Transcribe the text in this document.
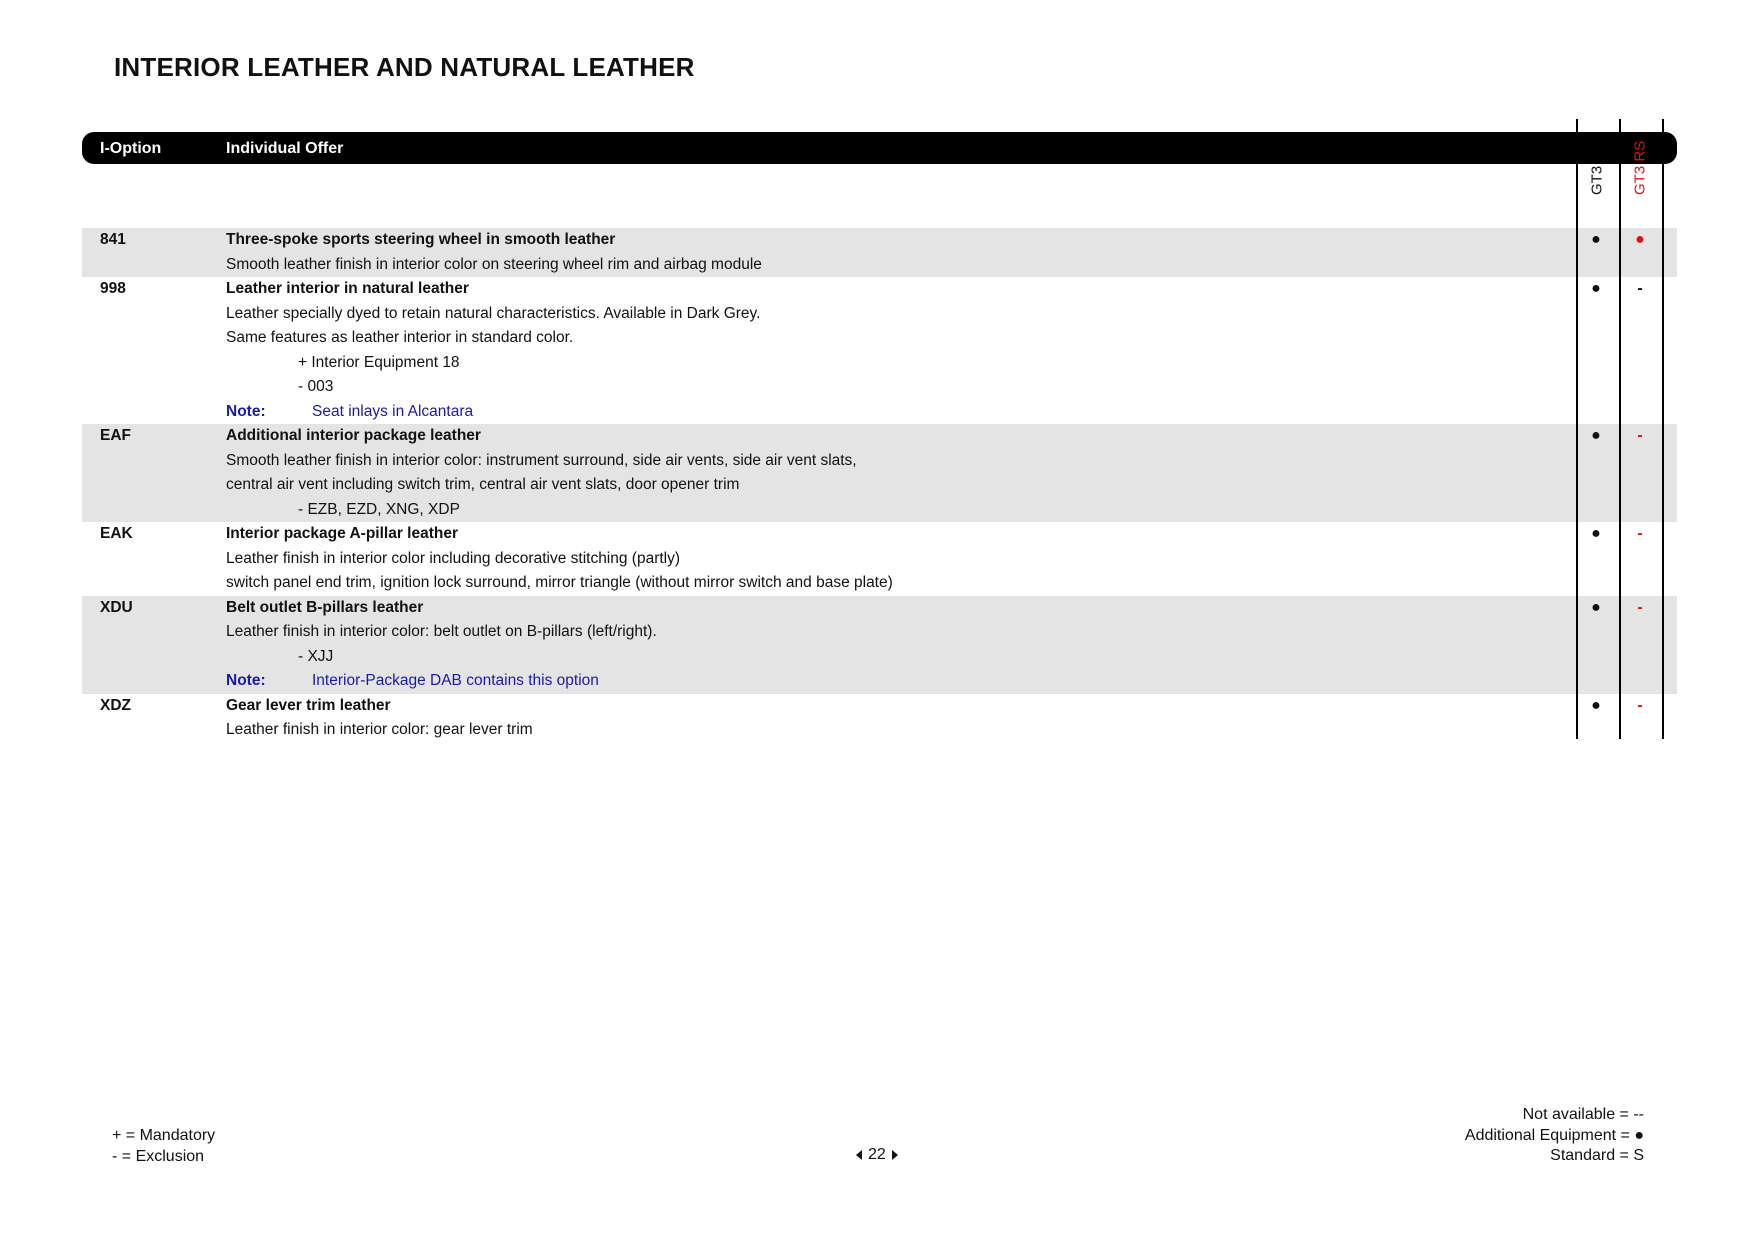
INTERIOR LEATHER AND NATURAL LEATHER
I-Option	Individual Offer
841	Three-spoke sports steering wheel in smooth leather	●	●
Smooth leather finish in interior color on steering wheel rim and airbag module
998	Leather interior in natural leather	●	-
Leather specially dyed to retain natural characteristics. Available in Dark Grey.
Same features as leather interior in standard color.
+ Interior Equipment 18
- 003
Note:	Seat inlays in Alcantara
EAF	Additional interior package leather	●	-
Smooth leather finish in interior color: instrument surround, side air vents, side air vent slats,
central air vent including switch trim, central air vent slats, door opener trim
- EZB, EZD, XNG, XDP
EAK	Interior package A-pillar leather	●	-
Leather finish in interior color including decorative stitching (partly)
switch panel end trim, ignition lock surround, mirror triangle (without mirror switch and base plate)
XDU	Belt outlet B-pillars leather	●	-
Leather finish in interior color: belt outlet on B-pillars (left/right).
- XJJ
Note:	Interior-Package DAB contains this option
XDZ	Gear lever trim leather	●	-
Leather finish in interior color: gear lever trim
GT3 GT3 RS
+ = Mandatory
- = Exclusion	22
Not available = --
Additional Equipment = ●
Standard = S
